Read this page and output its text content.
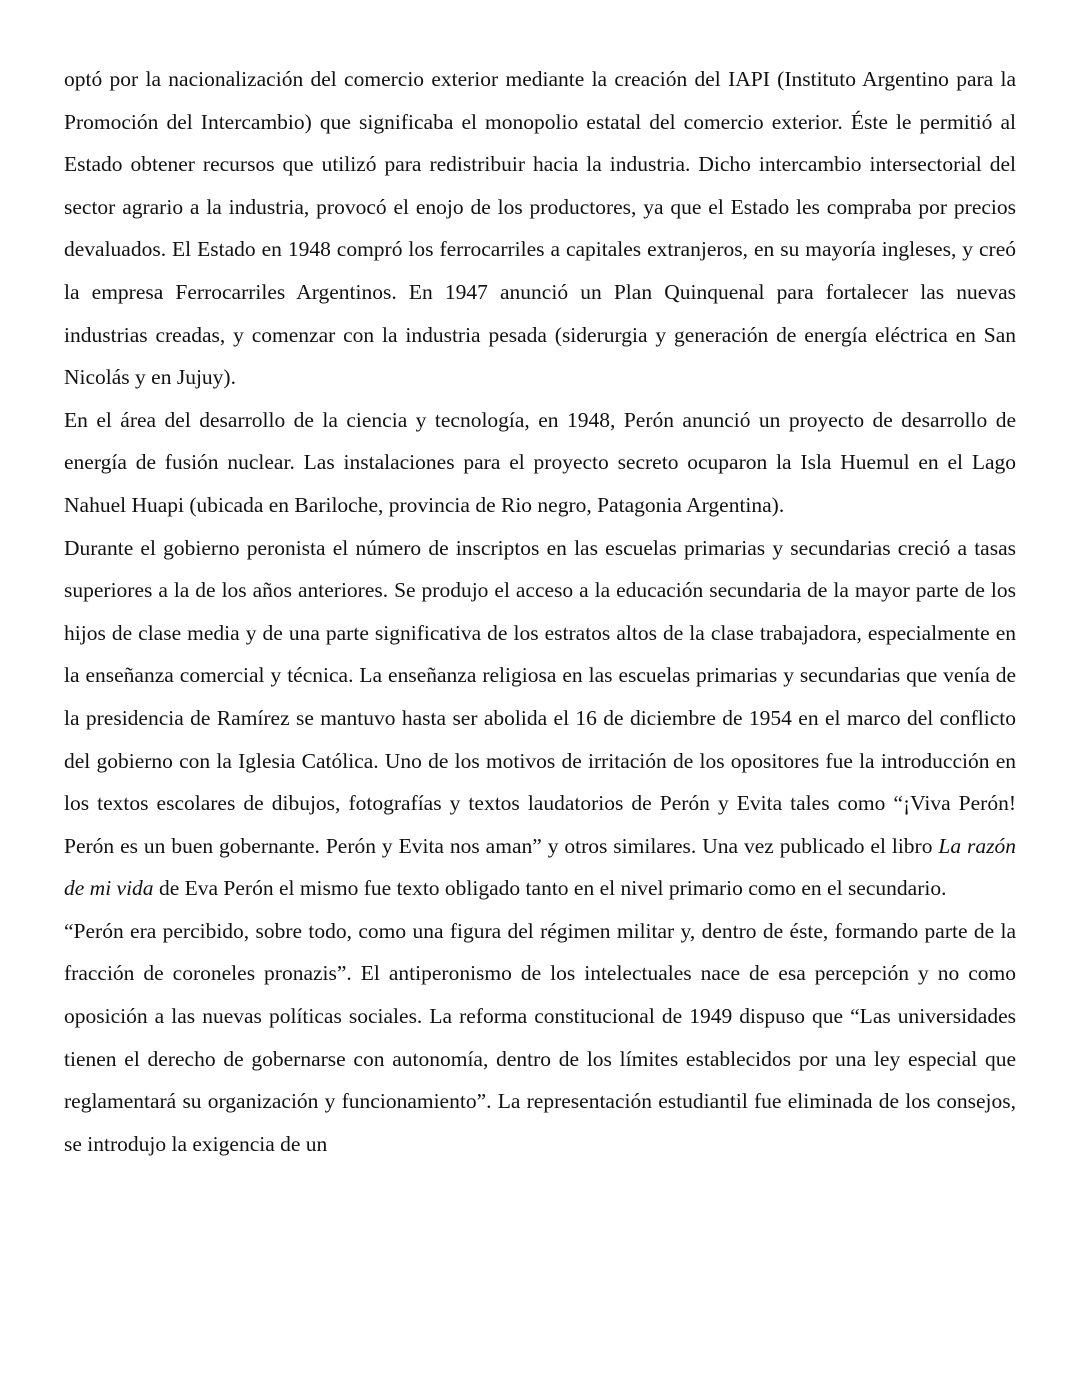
optó por la nacionalización del comercio exterior mediante la creación del IAPI (Instituto Argentino para la Promoción del Intercambio) que significaba el monopolio estatal del comercio exterior. Éste le permitió al Estado obtener recursos que utilizó para redistribuir hacia la industria. Dicho intercambio intersectorial del sector agrario a la industria, provocó el enojo de los productores, ya que el Estado les compraba por precios devaluados. El Estado en 1948 compró los ferrocarriles a capitales extranjeros, en su mayoría ingleses, y creó la empresa Ferrocarriles Argentinos. En 1947 anunció un Plan Quinquenal para fortalecer las nuevas industrias creadas, y comenzar con la industria pesada (siderurgia y generación de energía eléctrica en San Nicolás y en Jujuy).

En el área del desarrollo de la ciencia y tecnología, en 1948, Perón anunció un proyecto de desarrollo de energía de fusión nuclear. Las instalaciones para el proyecto secreto ocuparon la Isla Huemul en el Lago Nahuel Huapi (ubicada en Bariloche, provincia de Rio negro, Patagonia Argentina).

Durante el gobierno peronista el número de inscriptos en las escuelas primarias y secundarias creció a tasas superiores a la de los años anteriores. Se produjo el acceso a la educación secundaria de la mayor parte de los hijos de clase media y de una parte significativa de los estratos altos de la clase trabajadora, especialmente en la enseñanza comercial y técnica. La enseñanza religiosa en las escuelas primarias y secundarias que venía de la presidencia de Ramírez se mantuvo hasta ser abolida el 16 de diciembre de 1954 en el marco del conflicto del gobierno con la Iglesia Católica. Uno de los motivos de irritación de los opositores fue la introducción en los textos escolares de dibujos, fotografías y textos laudatorios de Perón y Evita tales como “¡Viva Perón! Perón es un buen gobernante. Perón y Evita nos aman” y otros similares. Una vez publicado el libro La razón de mi vida de Eva Perón el mismo fue texto obligado tanto en el nivel primario como en el secundario.

“Perón era percibido, sobre todo, como una figura del régimen militar y, dentro de éste, formando parte de la fracción de coroneles pronazis”. El antiperonismo de los intelectuales nace de esa percepción y no como oposición a las nuevas políticas sociales. La reforma constitucional de 1949 dispuso que “Las universidades tienen el derecho de gobernarse con autonomía, dentro de los límites establecidos por una ley especial que reglamentará su organización y funcionamiento”. La representación estudiantil fue eliminada de los consejos, se introdujo la exigencia de un
